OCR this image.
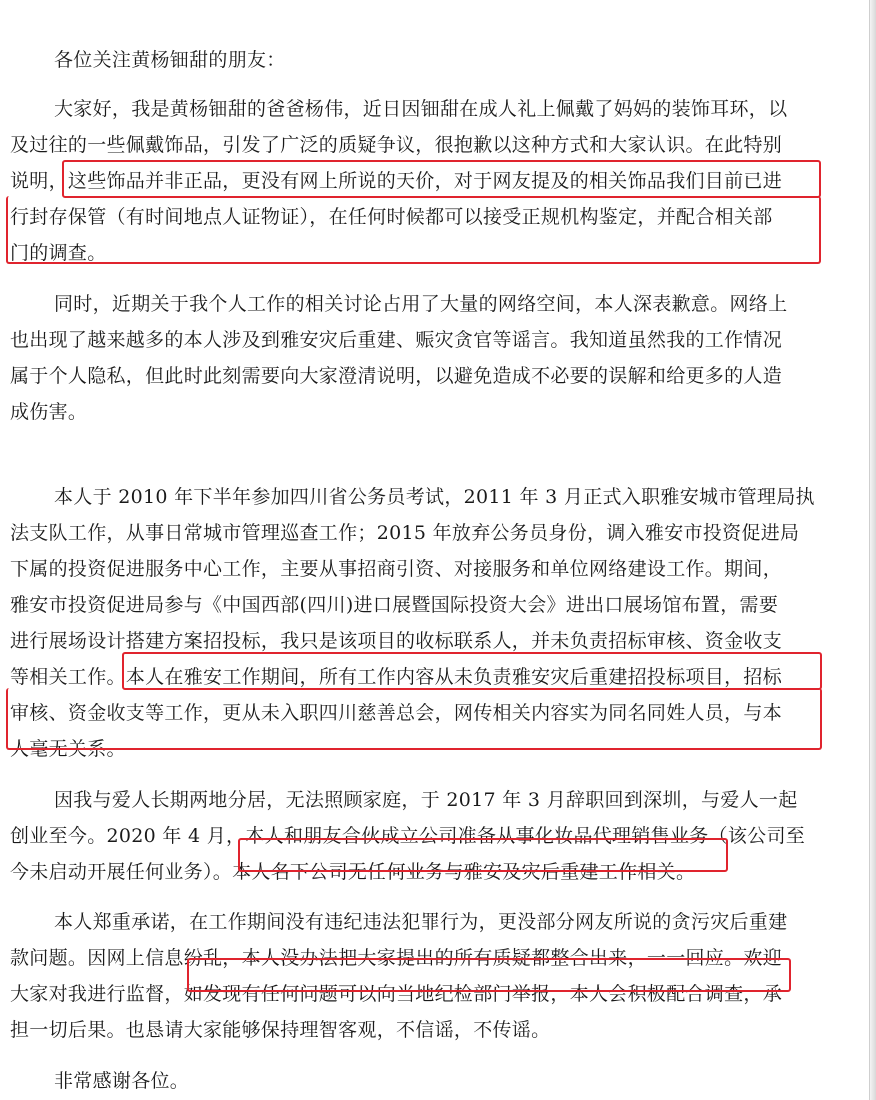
各位关注黄杨钿甜的朋友：
大家好，我是黄杨钿甜的爸爸杨伟，近日因钿甜在成人礼上佩戴了妈妈的装饰耳环，以
及过往的一些佩戴饰品，引发了广泛的质疑争议，很抱歉以这种方式和大家认识。在此特别
说明，这些饰品并非正品，更没有网上所说的天价，对于网友提及的相关饰品我们目前已进
行封存保管（有时间地点人证物证），在任何时候都可以接受正规机构鉴定，并配合相关部
门的调查。
同时，近期关于我个人工作的相关讨论占用了大量的网络空间，本人深表歉意。网络上
也出现了越来越多的本人涉及到雅安灾后重建、赈灾贪官等谣言。我知道虽然我的工作情况
属于个人隐私，但此时此刻需要向大家澄清说明，以避免造成不必要的误解和给更多的人造
成伤害。
本人于 2010 年下半年参加四川省公务员考试，2011 年 3 月正式入职雅安城市管理局执
法支队工作，从事日常城市管理巡查工作；2015 年放弃公务员身份，调入雅安市投资促进局
下属的投资促进服务中心工作，主要从事招商引资、对接服务和单位网络建设工作。期间，
雅安市投资促进局参与《中国西部(四川)进口展暨国际投资大会》进出口展场馆布置，需要
进行展场设计搭建方案招投标，我只是该项目的收标联系人，并未负责招标审核、资金收支
等相关工作。本人在雅安工作期间，所有工作内容从未负责雅安灾后重建招投标项目，招标
审核、资金收支等工作，更从未入职四川慈善总会，网传相关内容实为同名同姓人员，与本
人毫无关系。
因我与爱人长期两地分居，无法照顾家庭，于 2017 年 3 月辞职回到深圳，与爱人一起
创业至今。2020 年 4 月，本人和朋友合伙成立公司准备从事化妆品代理销售业务（该公司至
今未启动开展任何业务）。本人名下公司无任何业务与雅安及灾后重建工作相关。
本人郑重承诺，在工作期间没有违纪违法犯罪行为，更没部分网友所说的贪污灾后重建
款问题。因网上信息纷乱，本人没办法把大家提出的所有质疑都整合出来，一一回应。欢迎
大家对我进行监督，如发现有任何问题可以向当地纪检部门举报，本人会积极配合调查，承
担一切后果。也恳请大家能够保持理智客观，不信谣，不传谣。
非常感谢各位。
